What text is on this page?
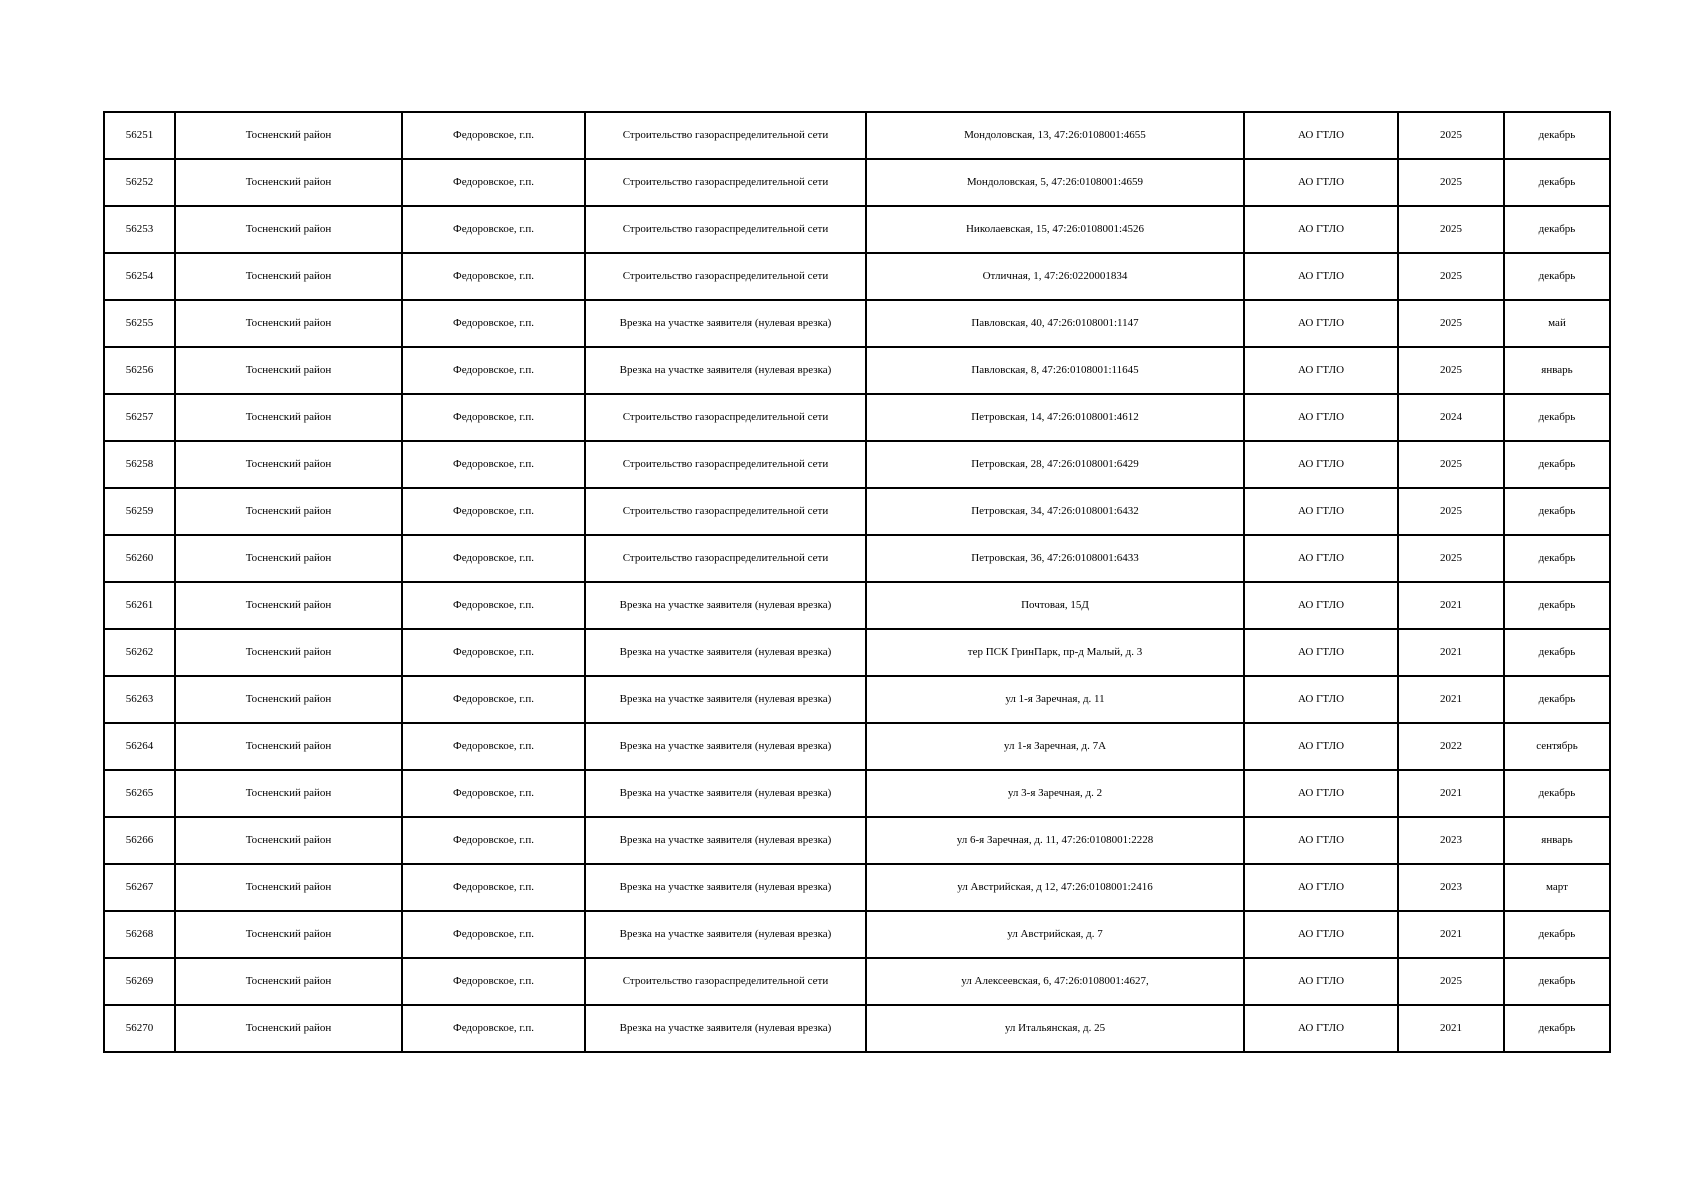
56251	Тосненский район	Федоровское, г.п.	Строительство газораспределительной сети	Мондоловская, 13, 47:26:0108001:4655	АО ГТЛО	2025	декабрь
56252	Тосненский район	Федоровское, г.п.	Строительство газораспределительной сети	Мондоловская, 5, 47:26:0108001:4659	АО ГТЛО	2025	декабрь
56253	Тосненский район	Федоровское, г.п.	Строительство газораспределительной сети	Николаевская, 15, 47:26:0108001:4526	АО ГТЛО	2025	декабрь
56254	Тосненский район	Федоровское, г.п.	Строительство газораспределительной сети	Отличная, 1, 47:26:0220001834	АО ГТЛО	2025	декабрь
56255	Тосненский район	Федоровское, г.п.	Врезка на участке заявителя (нулевая врезка)	Павловская, 40, 47:26:0108001:1147	АО ГТЛО	2025	май
56256	Тосненский район	Федоровское, г.п.	Врезка на участке заявителя (нулевая врезка)	Павловская, 8, 47:26:0108001:11645	АО ГТЛО	2025	январь
56257	Тосненский район	Федоровское, г.п.	Строительство газораспределительной сети	Петровская, 14, 47:26:0108001:4612	АО ГТЛО	2024	декабрь
56258	Тосненский район	Федоровское, г.п.	Строительство газораспределительной сети	Петровская, 28, 47:26:0108001:6429	АО ГТЛО	2025	декабрь
56259	Тосненский район	Федоровское, г.п.	Строительство газораспределительной сети	Петровская, 34, 47:26:0108001:6432	АО ГТЛО	2025	декабрь
56260	Тосненский район	Федоровское, г.п.	Строительство газораспределительной сети	Петровская, 36, 47:26:0108001:6433	АО ГТЛО	2025	декабрь
56261	Тосненский район	Федоровское, г.п.	Врезка на участке заявителя (нулевая врезка)	Почтовая, 15Д	АО ГТЛО	2021	декабрь
56262	Тосненский район	Федоровское, г.п.	Врезка на участке заявителя (нулевая врезка)	тер ПСК ГринПарк, пр-д Малый, д. 3	АО ГТЛО	2021	декабрь
56263	Тосненский район	Федоровское, г.п.	Врезка на участке заявителя (нулевая врезка)	ул 1-я Заречная, д. 11	АО ГТЛО	2021	декабрь
56264	Тосненский район	Федоровское, г.п.	Врезка на участке заявителя (нулевая врезка)	ул 1-я Заречная, д. 7А	АО ГТЛО	2022	сентябрь
56265	Тосненский район	Федоровское, г.п.	Врезка на участке заявителя (нулевая врезка)	ул 3-я Заречная, д. 2	АО ГТЛО	2021	декабрь
56266	Тосненский район	Федоровское, г.п.	Врезка на участке заявителя (нулевая врезка)	ул 6-я Заречная, д. 11, 47:26:0108001:2228	АО ГТЛО	2023	январь
56267	Тосненский район	Федоровское, г.п.	Врезка на участке заявителя (нулевая врезка)	ул Австрийская, д 12, 47:26:0108001:2416	АО ГТЛО	2023	март
56268	Тосненский район	Федоровское, г.п.	Врезка на участке заявителя (нулевая врезка)	ул Австрийская, д. 7	АО ГТЛО	2021	декабрь
56269	Тосненский район	Федоровское, г.п.	Строительство газораспределительной сети	ул Алексеевская, 6, 47:26:0108001:4627,	АО ГТЛО	2025	декабрь
56270	Тосненский район	Федоровское, г.п.	Врезка на участке заявителя (нулевая врезка)	ул Итальянская, д. 25	АО ГТЛО	2021	декабрь
